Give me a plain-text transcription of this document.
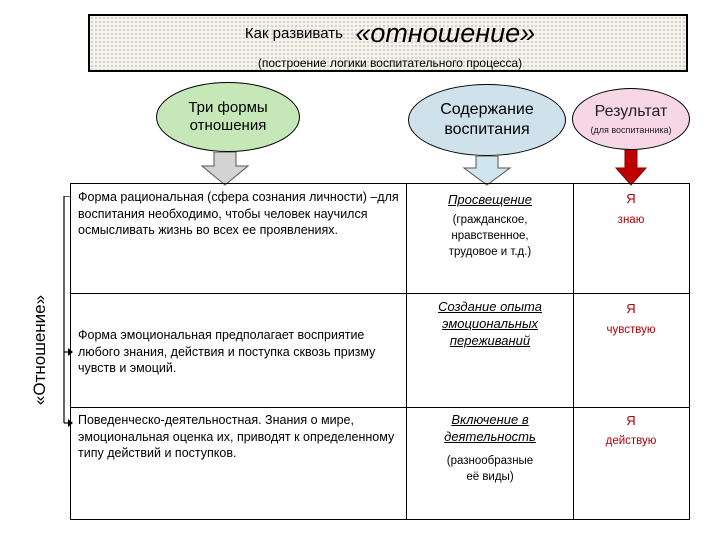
Как развивать «отношение»
(построение логики воспитательного процесса)
Три формы
отношения
Содержание
воспитания
Результат
(для воспитанника)
«Отношение»
Форма рациональная (сфера сознания личности) –для воспитания необходимо, чтобы человек научился осмысливать жизнь во всех ее проявлениях.
Просвещение
(гражданское,
нравственное,
трудовое и т.д.)
Я
знаю
Форма эмоциональная предполагает восприятие любого знания, действия и поступка сквозь призму чувств и эмоций.
Создание опыта эмоциональных переживаний
Я
чувствую
Поведенческо-деятельностная. Знания о мире, эмоциональная оценка их, приводят к определенному типу действий и поступков.
Включение в деятельность
(разнообразные
её виды)
Я
действую
